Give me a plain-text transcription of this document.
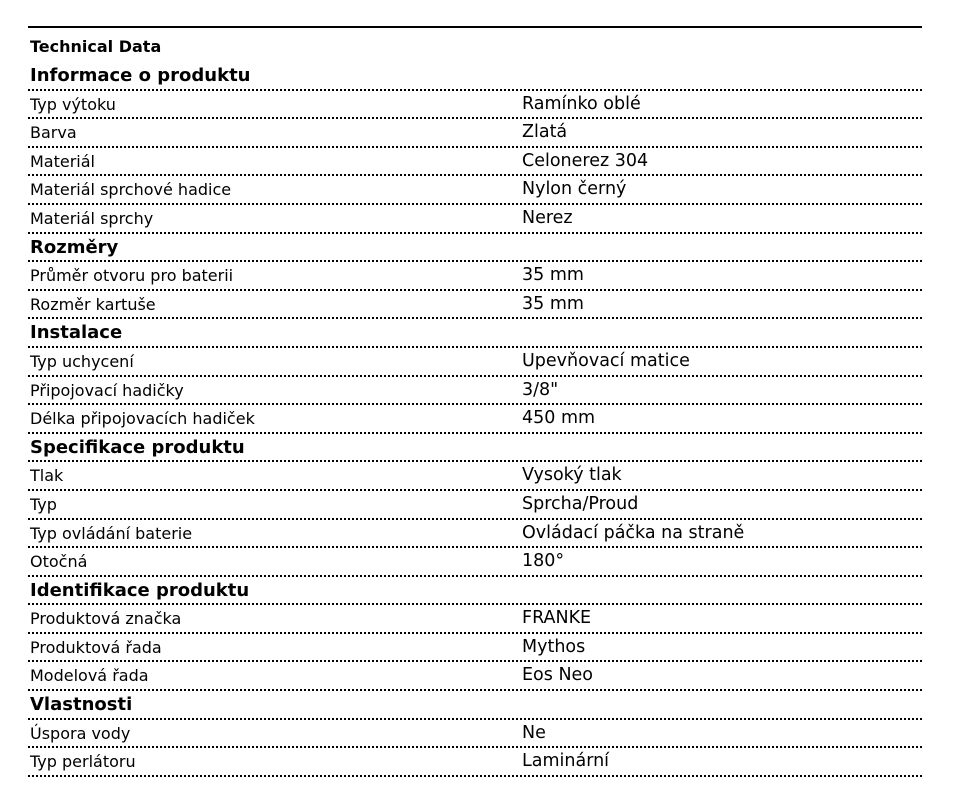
Technical Data
Informace o produktu
Typ výtoku	Ramínko oblé
Barva	Zlatá
Materiál	Celonerez 304
Materiál sprchové hadice	Nylon černý
Materiál sprchy	Nerez
Rozměry
Průměr otvoru pro baterii	35 mm
Rozměr kartuše	35 mm
Instalace
Typ uchycení	Upevňovací matice
Připojovací hadičky	3/8"
Délka připojovacích hadiček	450 mm
Specifikace produktu
Tlak	Vysoký tlak
Typ	Sprcha/Proud
Typ ovládání baterie	Ovládací páčka na straně
Otočná	180°
Identifikace produktu
Produktová značka	FRANKE
Produktová řada	Mythos
Modelová řada	Eos Neo
Vlastnosti
Úspora vody	Ne
Typ perlátoru	Laminární
